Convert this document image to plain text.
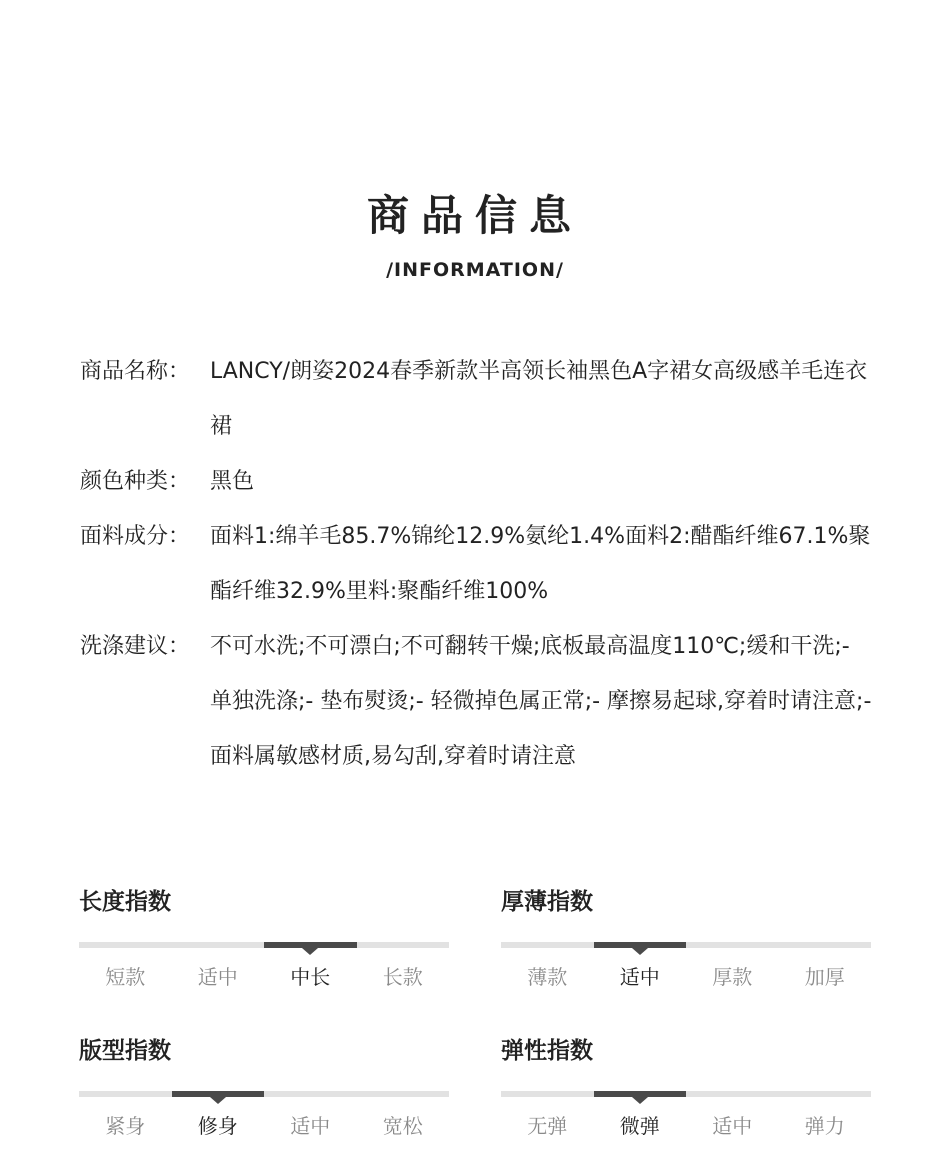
商品信息
/INFORMATION/
商品名称： LANCY/朗姿2024春季新款半高领长袖黑色A字裙女高级感羊毛连衣裙
颜色种类： 黑色
面料成分： 面料1:绵羊毛85.7%锦纶12.9%氨纶1.4%面料2:醋酯纤维67.1%聚酯纤维32.9%里料:聚酯纤维100%
洗涤建议： 不可水洗;不可漂白;不可翻转干燥;底板最高温度110℃;缓和干洗;- 单独洗涤;- 垫布熨烫;- 轻微掉色属正常;- 摩擦易起球,穿着时请注意;- 面料属敏感材质,易勾刮,穿着时请注意
长度指数
短款	适中	中长	长款
厚薄指数
薄款	适中	厚款	加厚
版型指数
紧身	修身	适中	宽松
弹性指数
无弹	微弹	适中	弹力
